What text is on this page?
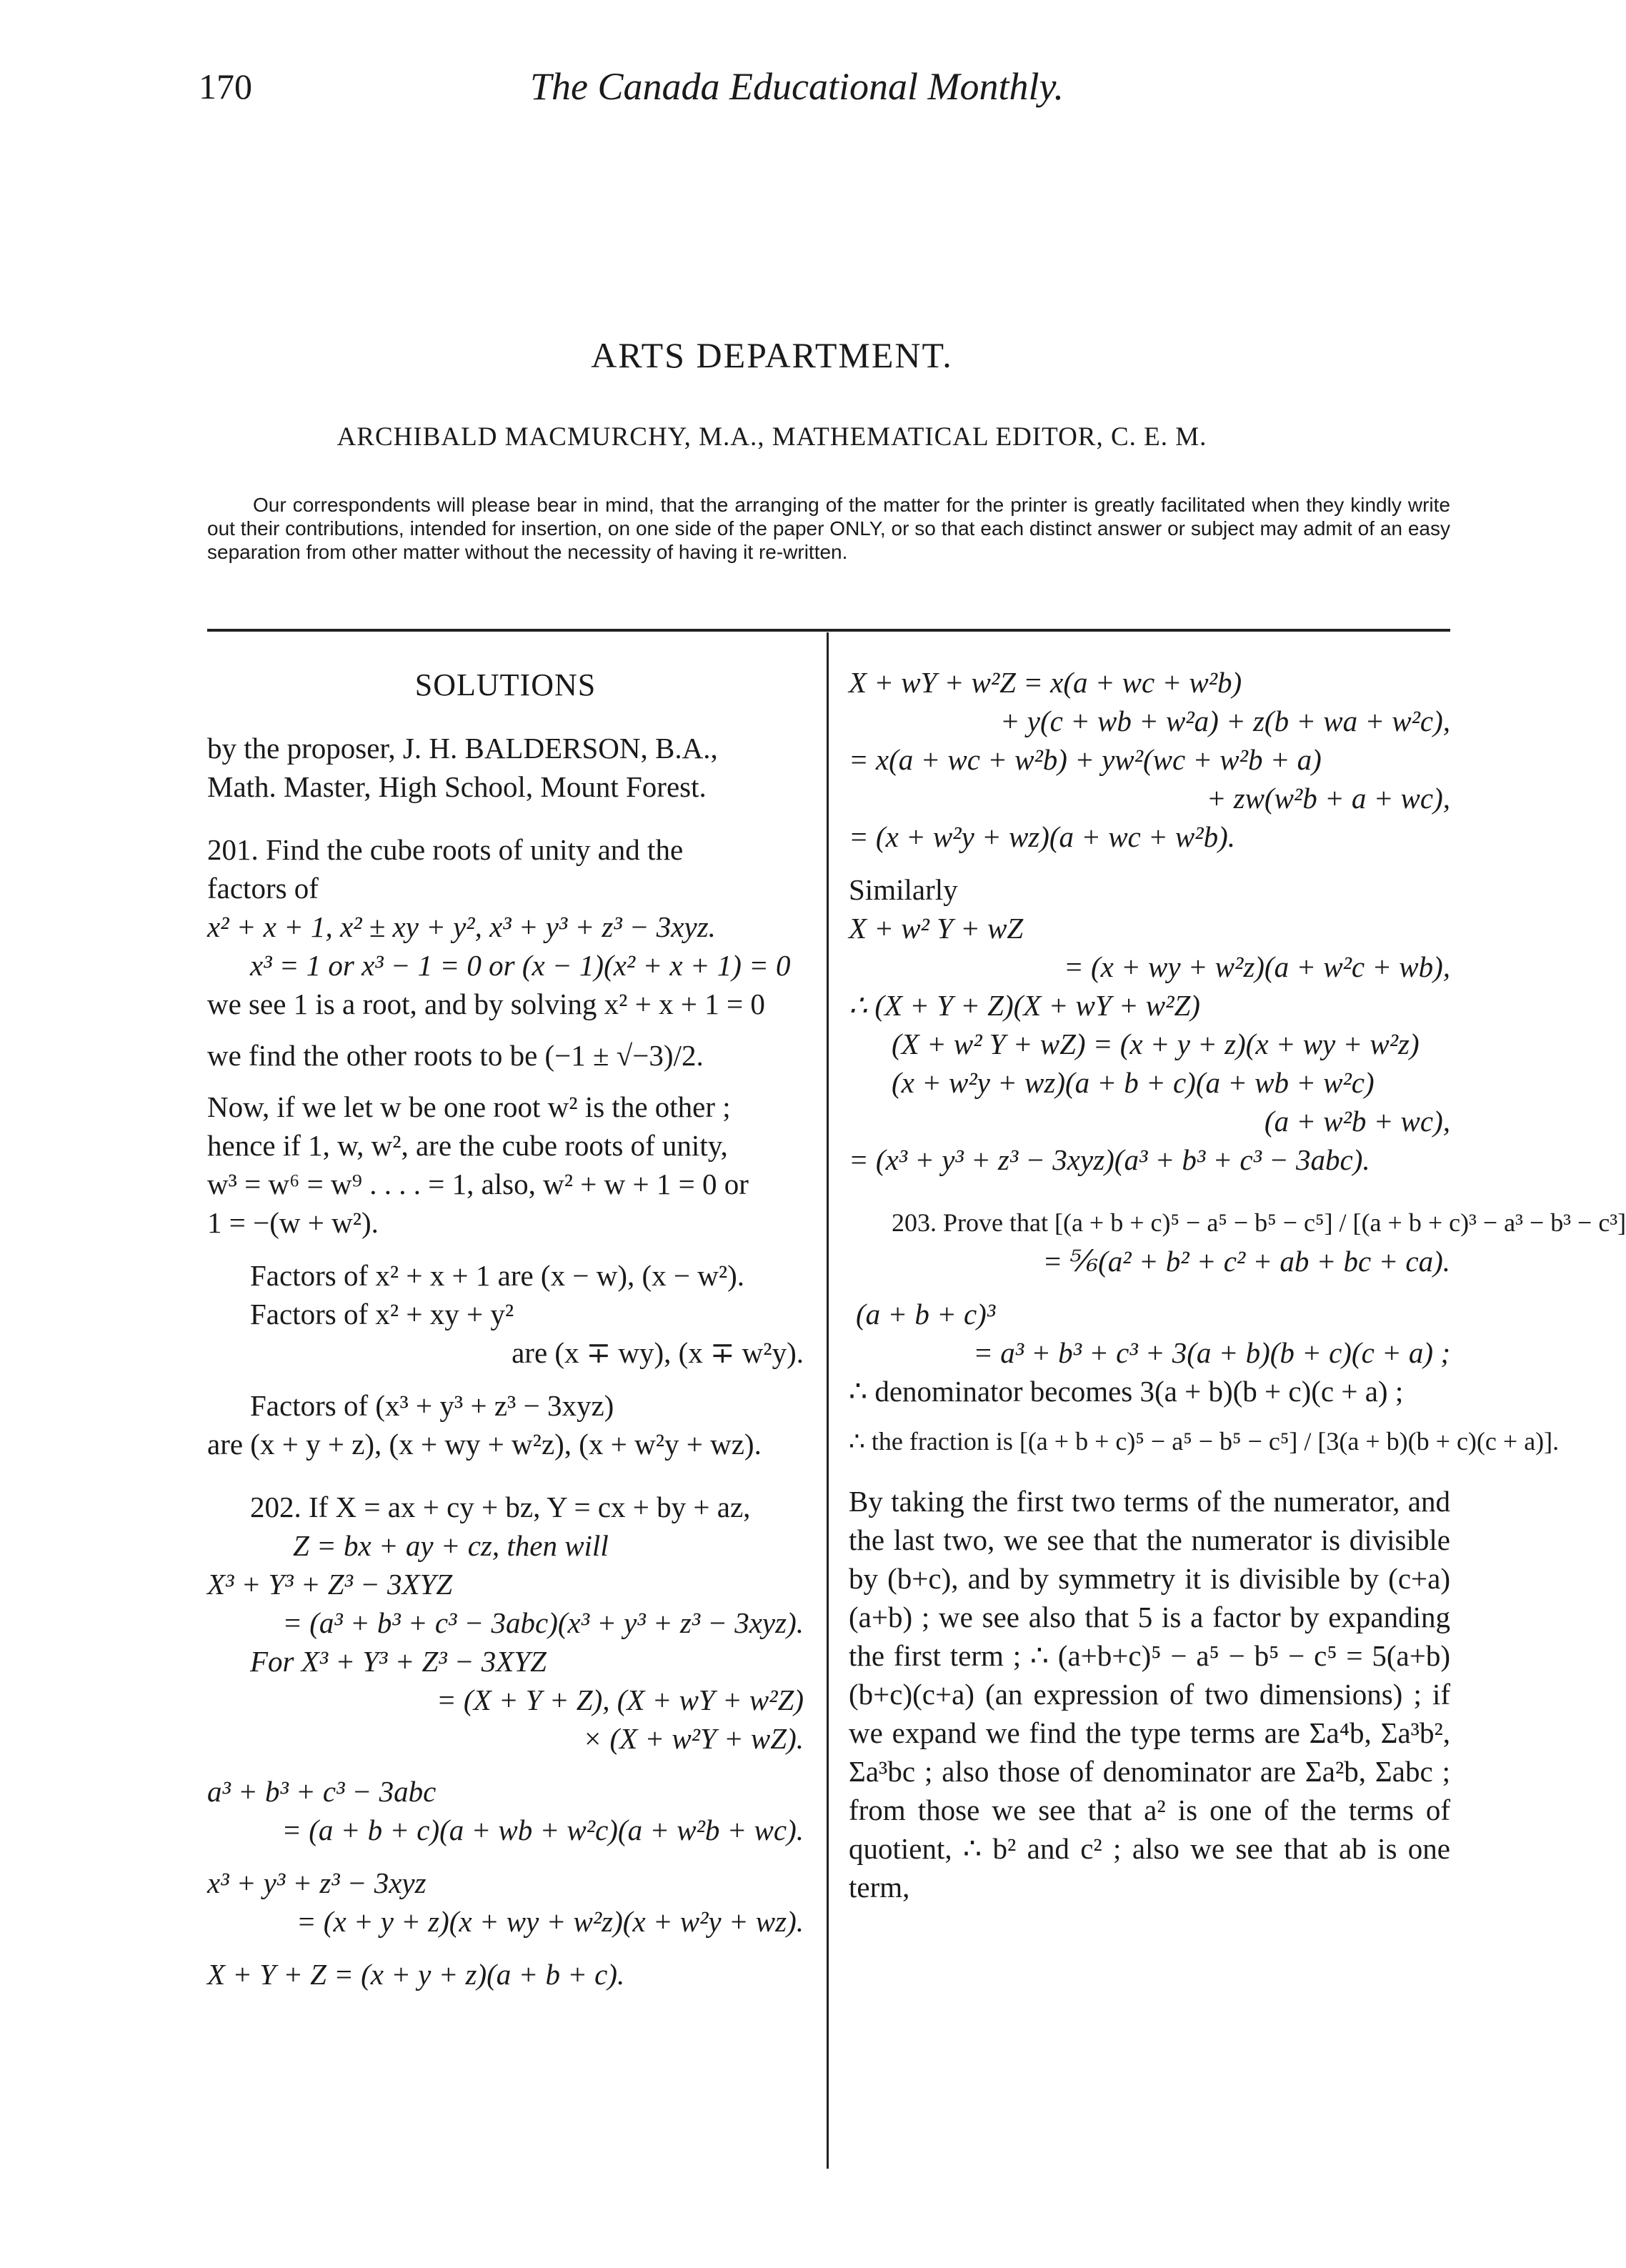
170	The Canada Educational Monthly.
ARTS DEPARTMENT.
ARCHIBALD MACMURCHY, M.A., MATHEMATICAL EDITOR, C. E. M.
Our correspondents will please bear in mind, that the arranging of the matter for the printer is greatly facilitated when they kindly write out their contributions, intended for insertion, on one side of the paper ONLY, or so that each distinct answer or subject may admit of an easy separation from other matter without the necessity of having it re-written.
SOLUTIONS
by the proposer, J. H. BALDERSON, B.A.,
Math. Master, High School, Mount Forest.
201. Find the cube roots of unity and the
factors of
x² + x + 1, x² ± xy + y², x³ + y³ + z³ − 3xyz.
x³ = 1 or x³ − 1 = 0 or (x − 1)(x² + x + 1) = 0
we see 1 is a root, and by solving x² + x + 1 = 0
we find the other roots to be (−1 ± √−3)/2.
Now, if we let w be one root w² is the other ;
hence if 1, w, w², are the cube roots of unity,
w³ = w⁶ = w⁹ . . . . = 1, also, w² + w + 1 = 0 or
1 = −(w + w²).
Factors of x² + x + 1 are (x − w), (x − w²).
Factors of x² + xy + y²
are (x ∓ wy), (x ∓ w²y).
Factors of (x³ + y³ + z³ − 3xyz)
are (x + y + z), (x + wy + w²z), (x + w²y + wz).
202. If X = ax + cy + bz, Y = cx + by + az,
Z = bx + ay + cz, then will
X³ + Y³ + Z³ − 3XYZ
= (a³ + b³ + c³ − 3abc)(x³ + y³ + z³ − 3xyz).
For X³ + Y³ + Z³ − 3XYZ
= (X + Y + Z), (X + wY + w²Z)
× (X + w²Y + wZ).
a³ + b³ + c³ − 3abc
= (a + b + c)(a + wb + w²c)(a + w²b + wc).
x³ + y³ + z³ − 3xyz
= (x + y + z)(x + wy + w²z)(x + w²y + wz).
X + Y + Z = (x + y + z)(a + b + c).
X + wY + w²Z = x(a + wc + w²b)
+ y(c + wb + w²a) + z(b + wa + w²c),
= x(a + wc + w²b) + yw²(wc + w²b + a)
+ zw(w²b + a + wc),
= (x + w²y + wz)(a + wc + w²b).
Similarly
X + w² Y + wZ
= (x + wy + w²z)(a + w²c + wb),
∴ (X + Y + Z)(X + wY + w²Z)
(X + w² Y + wZ) = (x + y + z)(x + wy + w²z)
(x + w²y + wz)(a + b + c)(a + wb + w²c)
(a + w²b + wc),
= (x³ + y³ + z³ − 3xyz)(a³ + b³ + c³ − 3abc).
203. Prove that [(a + b + c)⁵ − a⁵ − b⁵ − c⁵] / [(a + b + c)³ − a³ − b³ − c³]
= ⅚(a² + b² + c² + ab + bc + ca).
(a + b + c)³
= a³ + b³ + c³ + 3(a + b)(b + c)(c + a) ;
∴ denominator becomes 3(a + b)(b + c)(c + a) ;
∴ the fraction is [(a + b + c)⁵ − a⁵ − b⁵ − c⁵] / [3(a + b)(b + c)(c + a)].
By taking the first two terms of the numerator, and the last two, we see that the numerator is divisible by (b+c), and by symmetry it is divisible by (c+a)(a+b) ; we see also that 5 is a factor by expanding the first term ; ∴ (a+b+c)⁵ − a⁵ − b⁵ − c⁵ = 5(a+b)(b+c)(c+a) (an expression of two dimensions) ; if we expand we find the type terms are Σa⁴b, Σa³b², Σa³bc ; also those of denominator are Σa²b, Σabc ; from those we see that a² is one of the terms of quotient, ∴ b² and c² ; also we see that ab is one term,
